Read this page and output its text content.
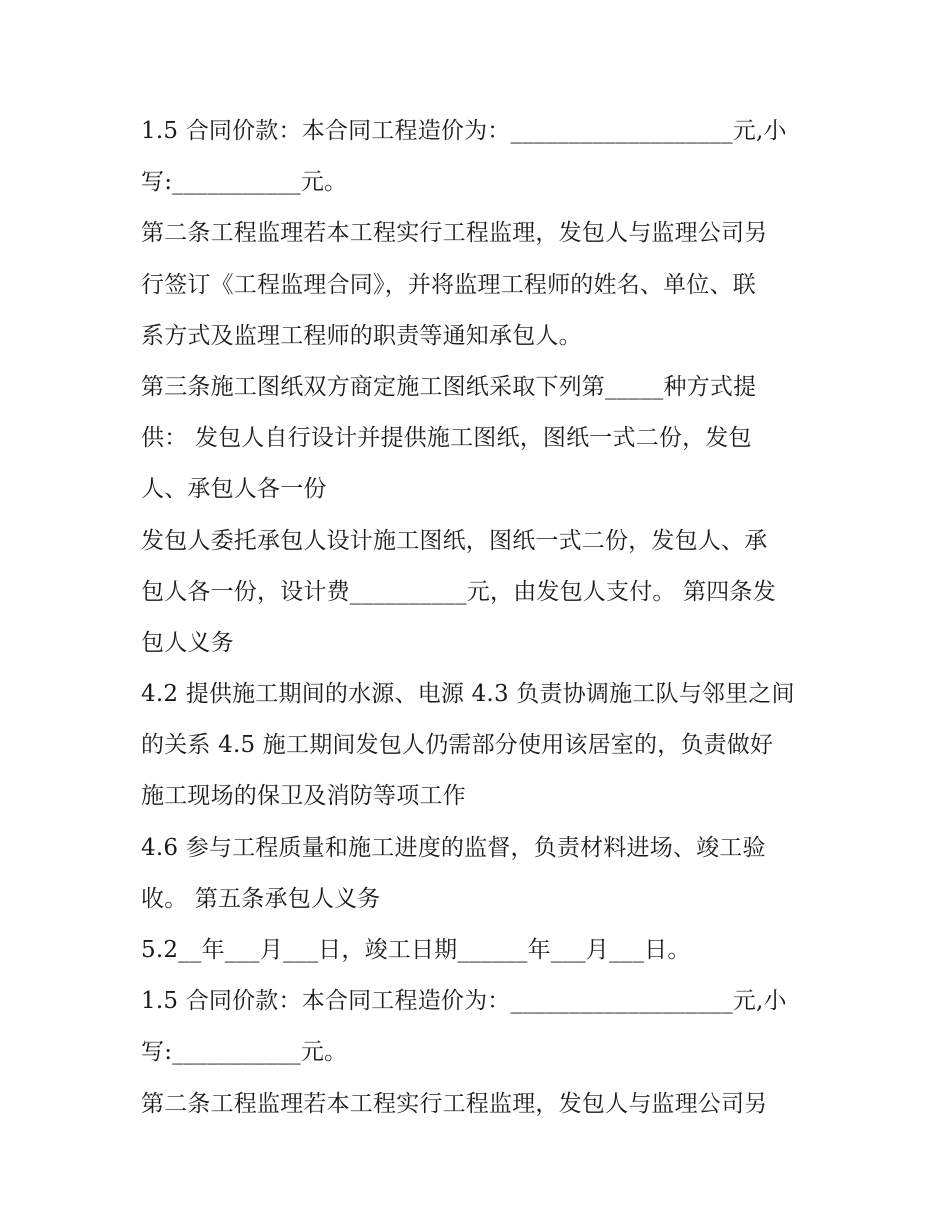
1.5 合同价款：本合同工程造价为：___________________元,小
写:___________元。
第二条工程监理若本工程实行工程监理，发包人与监理公司另
行签订《工程监理合同》，并将监理工程师的姓名、单位、联
系方式及监理工程师的职责等通知承包人。
第三条施工图纸双方商定施工图纸采取下列第_____种方式提
供： 发包人自行设计并提供施工图纸，图纸一式二份，发包
人、承包人各一份
发包人委托承包人设计施工图纸，图纸一式二份，发包人、承
包人各一份，设计费__________元，由发包人支付。 第四条发
包人义务
4.2 提供施工期间的水源、电源 4.3 负责协调施工队与邻里之间
的关系 4.5 施工期间发包人仍需部分使用该居室的，负责做好
施工现场的保卫及消防等项工作
4.6 参与工程质量和施工进度的监督，负责材料进场、竣工验
收。 第五条承包人义务
5.2__年___月___日，竣工日期______年___月___日。
1.5 合同价款：本合同工程造价为：___________________元,小
写:___________元。
第二条工程监理若本工程实行工程监理，发包人与监理公司另
